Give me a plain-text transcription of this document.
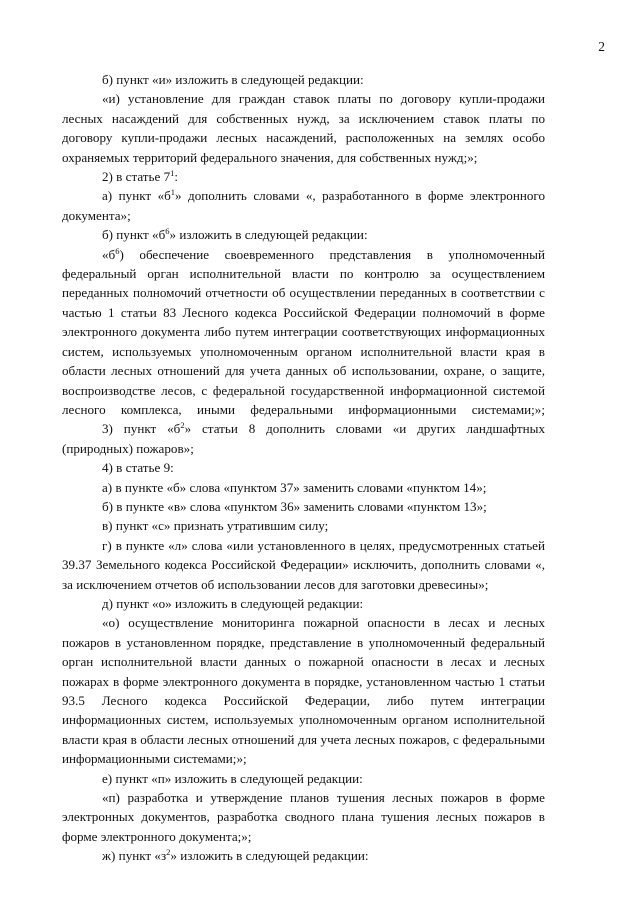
2

б) пункт «и» изложить в следующей редакции:

«и) установление для граждан ставок платы по договору купли-продажи лесных насаждений для собственных нужд, за исключением ставок платы по договору купли-продажи лесных насаждений, расположенных на землях особо охраняемых территорий федерального значения, для собственных нужд;»;

2) в статье $7^1$:

а) пункт «$б^1$» дополнить словами «, разработанного в форме электронного документа»;

б) пункт «$б^6$» изложить в следующей редакции:

«$б^6$) обеспечение своевременного представления в уполномоченный федеральный орган исполнительной власти по контролю за осуществлением переданных полномочий отчетности об осуществлении переданных в соответствии с частью 1 статьи 83 Лесного кодекса Российской Федерации полномочий в форме электронного документа либо путем интеграции соответствующих информационных систем, используемых уполномоченным органом исполнительной власти края в области лесных отношений для учета данных об использовании, охране, о защите, воспроизводстве лесов, с федеральной государственной информационной системой лесного комплекса, иными федеральными информационными системами;»;

3) пункт «$б^2$» статьи 8 дополнить словами «и других ландшафтных (природных) пожаров»;

4) в статье 9:

а) в пункте «б» слова «пунктом 37» заменить словами «пунктом 14»;

б) в пункте «в» слова «пунктом 36» заменить словами «пунктом 13»;

в) пункт «с» признать утратившим силу;

г) в пункте «л» слова «или установленного в целях, предусмотренных статьей 39.37 Земельного кодекса Российской Федерации» исключить, дополнить словами «, за исключением отчетов об использовании лесов для заготовки древесины»;

д) пункт «о» изложить в следующей редакции:

«о) осуществление мониторинга пожарной опасности в лесах и лесных пожаров в установленном порядке, представление в уполномоченный федеральный орган исполнительной власти данных о пожарной опасности в лесах и лесных пожарах в форме электронного документа в порядке, установленном частью 1 статьи 93.5 Лесного кодекса Российской Федерации, либо путем интеграции информационных систем, используемых уполномоченным органом исполнительной власти края в области лесных отношений для учета лесных пожаров, с федеральными информационными системами;»;

е) пункт «п» изложить в следующей редакции:

«п) разработка и утверждение планов тушения лесных пожаров в форме электронных документов, разработка сводного плана тушения лесных пожаров в форме электронного документа;»;

ж) пункт «$з^2$» изложить в следующей редакции:
